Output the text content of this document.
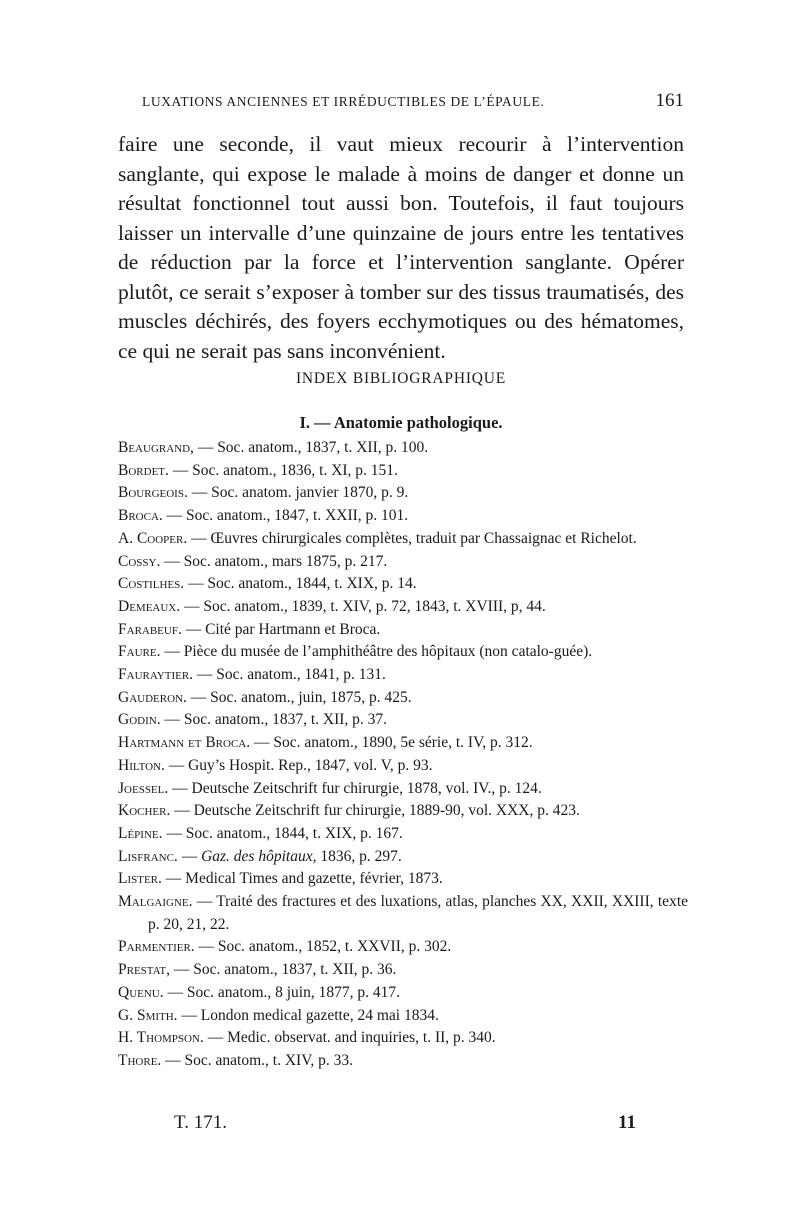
LUXATIONS ANCIENNES ET IRRÉDUCTIBLES DE L’ÉPAULE.	161

faire une seconde, il vaut mieux recourir à l’intervention sanglante, qui expose le malade à moins de danger et donne un résultat fonctionnel tout aussi bon. Toutefois, il faut toujours laisser un intervalle d’une quinzaine de jours entre les tentatives de réduction par la force et l’intervention sanglante. Opérer plutôt, ce serait s’exposer à tomber sur des tissus traumatisés, des muscles déchirés, des foyers ecchymotiques ou des hématomes, ce qui ne serait pas sans inconvénient.

INDEX BIBLIOGRAPHIQUE
I. — Anatomie pathologique.

Beaugrand, — Soc. anatom., 1837, t. XII, p. 100.

Bordet. — Soc. anatom., 1836, t. XI, p. 151.

Bourgeois. — Soc. anatom. janvier 1870, p. 9.

Broca. — Soc. anatom., 1847, t. XXII, p. 101.

A. Cooper. — Œuvres chirurgicales complètes, traduit par Chassaignac et Richelot.

Cossy. — Soc. anatom., mars 1875, p. 217.

Costilhes. — Soc. anatom., 1844, t. XIX, p. 14.

Demeaux. — Soc. anatom., 1839, t. XIV, p. 72, 1843, t. XVIII, p, 44.

Farabeuf. — Cité par Hartmann et Broca.

Faure. — Pièce du musée de l’amphithéâtre des hôpitaux (non catalo-guée).

Fauraytier. — Soc. anatom., 1841, p. 131.

Gauderon. — Soc. anatom., juin, 1875, p. 425.

Godin. — Soc. anatom., 1837, t. XII, p. 37.

Hartmann et Broca. — Soc. anatom., 1890, 5e série, t. IV, p. 312.

Hilton. — Guy’s Hospit. Rep., 1847, vol. V, p. 93.

Joessel. — Deutsche Zeitschrift fur chirurgie, 1878, vol. IV., p. 124.

Kocher. — Deutsche Zeitschrift fur chirurgie, 1889-90, vol. XXX, p. 423.

Lépine. — Soc. anatom., 1844, t. XIX, p. 167.

Lisfranc. — Gaz. des hôpitaux, 1836, p. 297.

Lister. — Medical Times and gazette, février, 1873.

Malgaigne. — Traité des fractures et des luxations, atlas, planches XX, XXII, XXIII, texte p. 20, 21, 22.

Parmentier. — Soc. anatom., 1852, t. XXVII, p. 302.

Prestat, — Soc. anatom., 1837, t. XII, p. 36.

Quenu. — Soc. anatom., 8 juin, 1877, p. 417.

G. Smith. — London medical gazette, 24 mai 1834.

H. Thompson. — Medic. observat. and inquiries, t. II, p. 340.

Thore. — Soc. anatom., t. XIV, p. 33.

T. 171.	11
